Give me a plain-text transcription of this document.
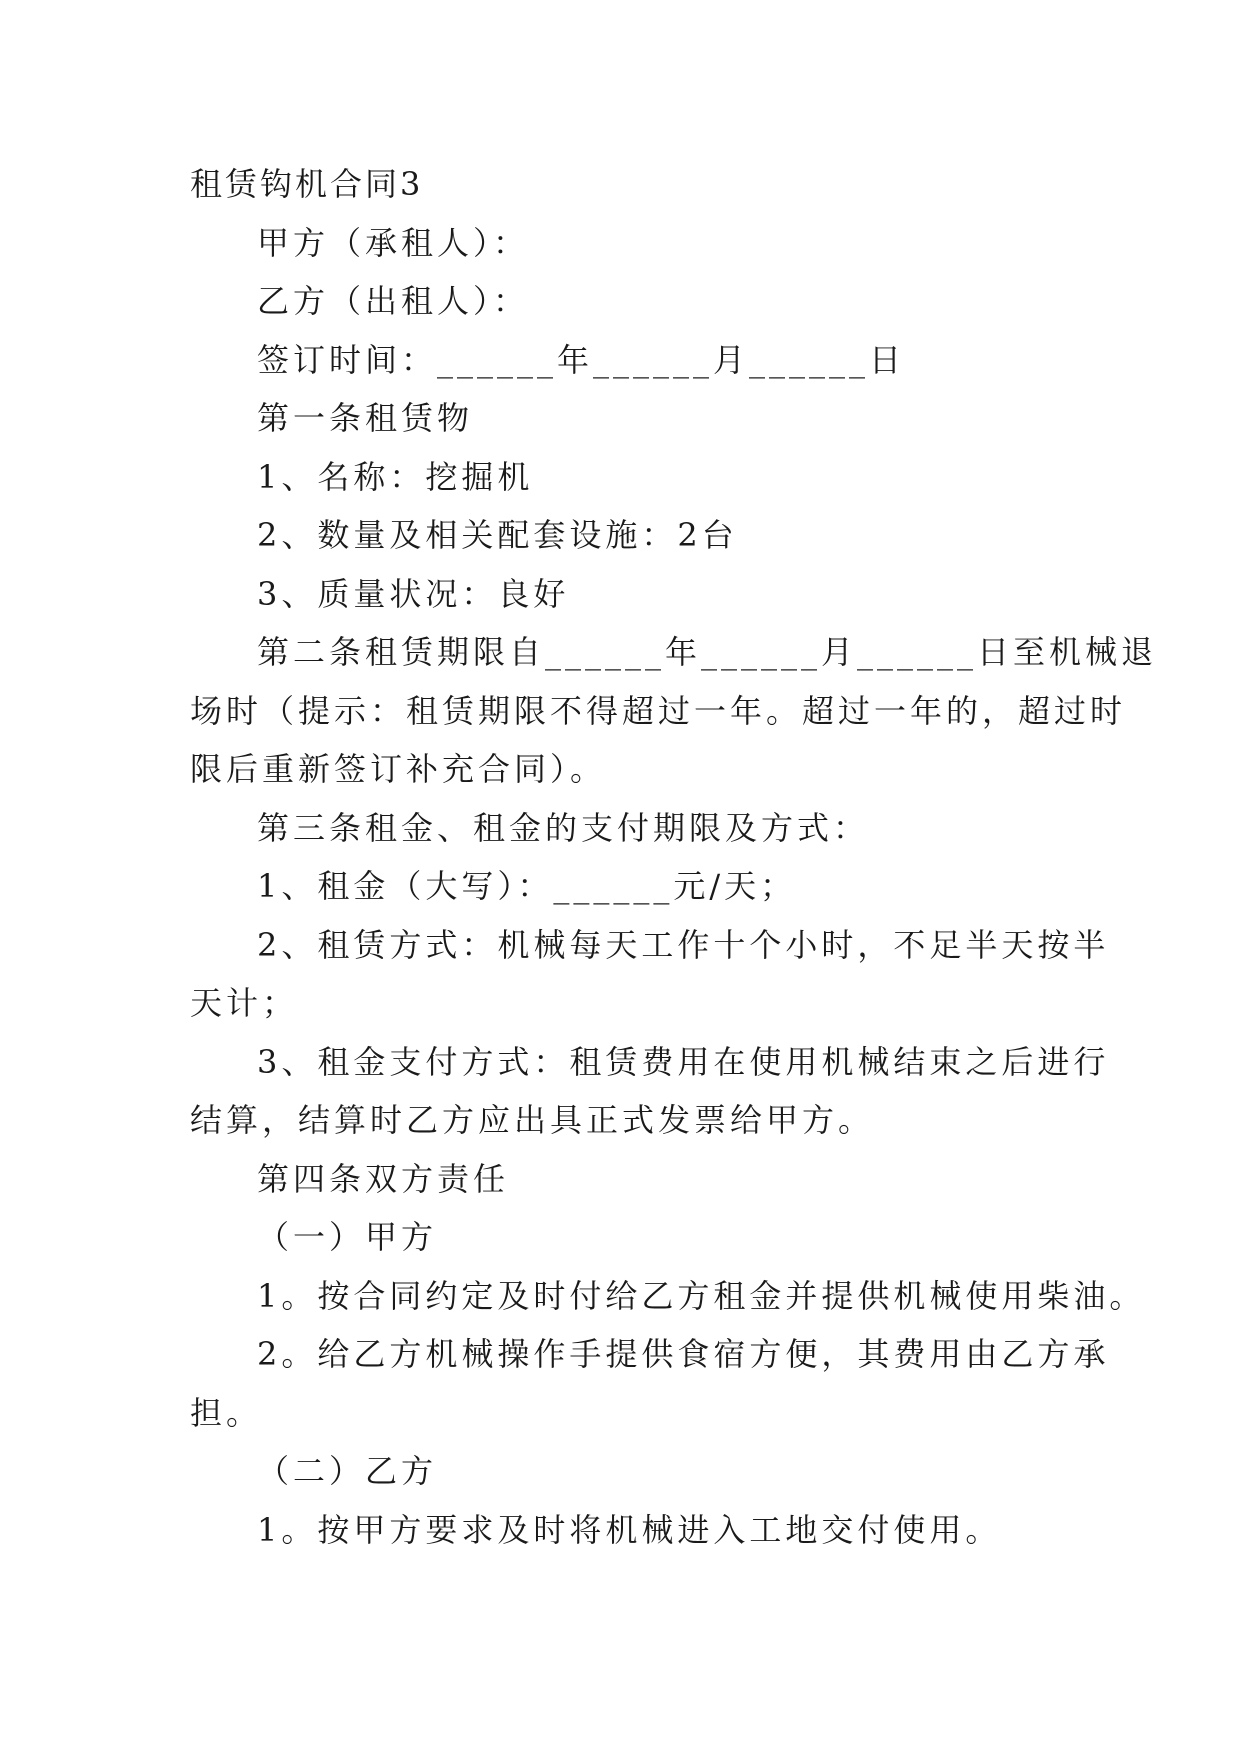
租赁钩机合同3

甲方（承租人）：

乙方（出租人）：

签订时间：______年______月______日

第一条租赁物

1、名称：挖掘机

2、数量及相关配套设施：2台

3、质量状况：良好

第二条租赁期限自______年______月______日至机械退

场时（提示：租赁期限不得超过一年。超过一年的，超过时

限后重新签订补充合同）。

第三条租金、租金的支付期限及方式：

1、租金（大写）：______元/天；

2、租赁方式：机械每天工作十个小时，不足半天按半

天计；

3、租金支付方式：租赁费用在使用机械结束之后进行

结算，结算时乙方应出具正式发票给甲方。

第四条双方责任

（一）甲方

1。按合同约定及时付给乙方租金并提供机械使用柴油。

2。给乙方机械操作手提供食宿方便，其费用由乙方承

担。

（二）乙方

1。按甲方要求及时将机械进入工地交付使用。
